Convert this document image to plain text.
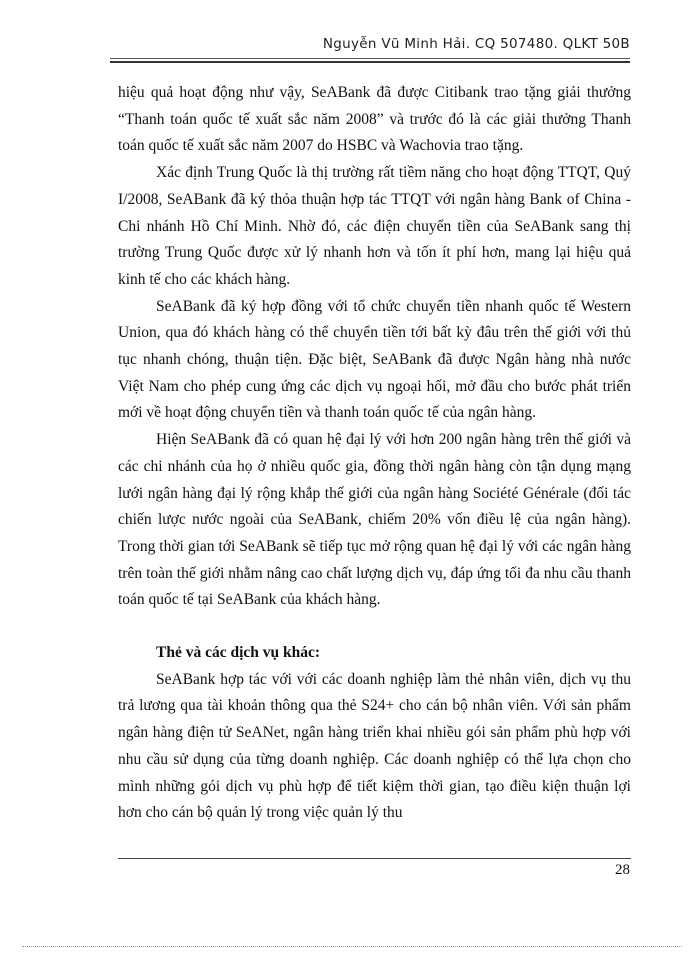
Nguyễn Vũ Minh Hải. CQ 507480. QLKT 50B

hiệu quả hoạt động như vậy, SeABank đã được Citibank trao tặng giải thưởng “Thanh toán quốc tế xuất sắc năm 2008” và trước đó là các giải thưởng Thanh toán quốc tế xuất sắc năm 2007 do HSBC và Wachovia trao tặng.

Xác định Trung Quốc là thị trường rất tiềm năng cho hoạt động TTQT, Quý I/2008, SeABank đã ký thỏa thuận hợp tác TTQT với ngân hàng Bank of China - Chi nhánh Hồ Chí Minh. Nhờ đó, các điện chuyển tiền của SeABank sang thị trường Trung Quốc được xử lý nhanh hơn và tốn ít phí hơn, mang lại hiệu quả kinh tế cho các khách hàng.

SeABank đã ký hợp đồng với tổ chức chuyển tiền nhanh quốc tế Western Union, qua đó khách hàng có thể chuyển tiền tới bất kỳ đâu trên thế giới với thủ tục nhanh chóng, thuận tiện. Đặc biệt, SeABank đã được Ngân hàng nhà nước Việt Nam cho phép cung ứng các dịch vụ ngoại hối, mở đầu cho bước phát triển mới về hoạt động chuyển tiền và thanh toán quốc tế của ngân hàng.

Hiện SeABank đã có quan hệ đại lý với hơn 200 ngân hàng trên thế giới và các chi nhánh của họ ở nhiều quốc gia, đồng thời ngân hàng còn tận dụng mạng lưới ngân hàng đại lý rộng khắp thế giới của ngân hàng Société Générale (đối tác chiến lược nước ngoài của SeABank, chiếm 20% vốn điều lệ của ngân hàng). Trong thời gian tới SeABank sẽ tiếp tục mở rộng quan hệ đại lý với các ngân hàng trên toàn thế giới nhằm nâng cao chất lượng dịch vụ, đáp ứng tối đa nhu cầu thanh toán quốc tế tại SeABank của khách hàng.

Thẻ và các dịch vụ khác:

SeABank hợp tác với với các doanh nghiệp làm thẻ nhân viên, dịch vụ thu trả lương qua tài khoản thông qua thẻ S24+ cho cán bộ nhân viên. Với sản phẩm ngân hàng điện tử SeANet, ngân hàng triển khai nhiều gói sản phẩm phù hợp với nhu cầu sử dụng của từng doanh nghiệp. Các doanh nghiệp có thể lựa chọn cho mình những gói dịch vụ phù hợp để tiết kiệm thời gian, tạo điều kiện thuận lợi hơn cho cán bộ quản lý trong việc quản lý thu

28
